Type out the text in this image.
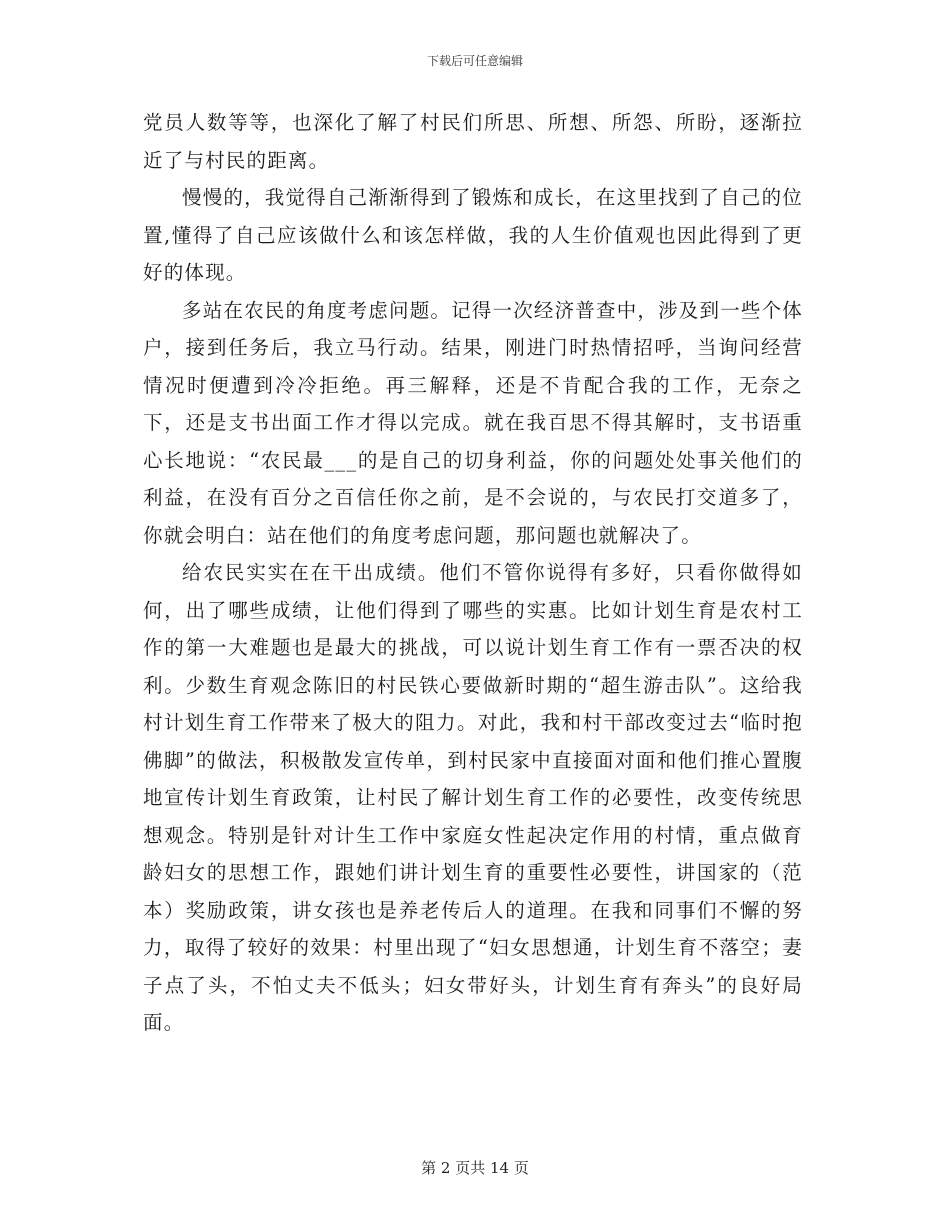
下载后可任意编辑

党员人数等等，也深化了解了村民们所思、所想、所怨、所盼，逐渐拉近了与村民的距离。

慢慢的，我觉得自己渐渐得到了锻炼和成长，在这里找到了自己的位置,懂得了自己应该做什么和该怎样做，我的人生价值观也因此得到了更好的体现。

多站在农民的角度考虑问题。记得一次经济普查中，涉及到一些个体户，接到任务后，我立马行动。结果，刚进门时热情招呼，当询问经营情况时便遭到冷冷拒绝。再三解释，还是不肯配合我的工作，无奈之下，还是支书出面工作才得以完成。就在我百思不得其解时，支书语重心长地说：“农民最___的是自己的切身利益，你的问题处处事关他们的利益，在没有百分之百信任你之前，是不会说的，与农民打交道多了，你就会明白：站在他们的角度考虑问题，那问题也就解决了。

给农民实实在在干出成绩。他们不管你说得有多好，只看你做得如何，出了哪些成绩，让他们得到了哪些的实惠。比如计划生育是农村工作的第一大难题也是最大的挑战，可以说计划生育工作有一票否决的权利。少数生育观念陈旧的村民铁心要做新时期的“超生游击队”。这给我村计划生育工作带来了极大的阻力。对此，我和村干部改变过去“临时抱佛脚”的做法，积极散发宣传单，到村民家中直接面对面和他们推心置腹地宣传计划生育政策，让村民了解计划生育工作的必要性，改变传统思想观念。特别是针对计生工作中家庭女性起决定作用的村情，重点做育龄妇女的思想工作，跟她们讲计划生育的重要性必要性，讲国家的（范本）奖励政策，讲女孩也是养老传后人的道理。在我和同事们不懈的努力，取得了较好的效果：村里出现了“妇女思想通，计划生育不落空；妻子点了头，不怕丈夫不低头；妇女带好头，计划生育有奔头”的良好局面。

第 2 页共 14 页
